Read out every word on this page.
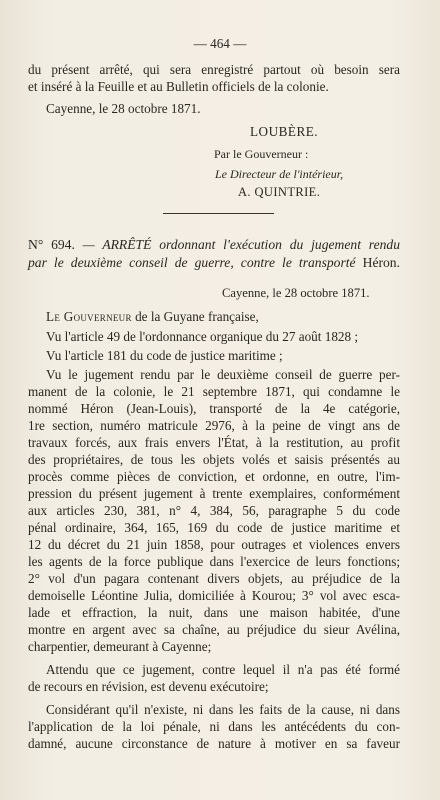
— 464 —
du présent arrêté, qui sera enregistré partout où besoin sera
et inséré à la Feuille et au Bulletin officiels de la colonie.
Cayenne, le 28 octobre 1871.
LOUBÈRE.
Par le Gouverneur :
Le Directeur de l'intérieur,
A. QUINTRIE.
N° 694. — ARRÊTÉ ordonnant l'exécution du jugement rendu
par le deuxième conseil de guerre, contre le transporté Héron.
Cayenne, le 28 octobre 1871.
Le Gouverneur de la Guyane française,
Vu l'article 49 de l'ordonnance organique du 27 août 1828 ;
Vu l'article 181 du code de justice maritime ;
Vu le jugement rendu par le deuxième conseil de guerre per-
manent de la colonie, le 21 septembre 1871, qui condamne le
nommé Héron (Jean-Louis), transporté de la 4e catégorie,
1re section, numéro matricule 2976, à la peine de vingt ans de
travaux forcés, aux frais envers l'État, à la restitution, au profit
des propriétaires, de tous les objets volés et saisis présentés au
procès comme pièces de conviction, et ordonne, en outre, l'im-
pression du présent jugement à trente exemplaires, conformément
aux articles 230, 381, n° 4, 384, 56, paragraphe 5 du code
pénal ordinaire, 364, 165, 169 du code de justice maritime et
12 du décret du 21 juin 1858, pour outrages et violences envers
les agents de la force publique dans l'exercice de leurs fonctions;
2° vol d'un pagara contenant divers objets, au préjudice de la
demoiselle Léontine Julia, domiciliée à Kourou; 3° vol avec esca-
lade et effraction, la nuit, dans une maison habitée, d'une
montre en argent avec sa chaîne, au préjudice du sieur Avélina,
charpentier, demeurant à Cayenne;
Attendu que ce jugement, contre lequel il n'a pas été formé
de recours en révision, est devenu exécutoire;
Considérant qu'il n'existe, ni dans les faits de la cause, ni dans
l'application de la loi pénale, ni dans les antécédents du con-
damné, aucune circonstance de nature à motiver en sa faveur
